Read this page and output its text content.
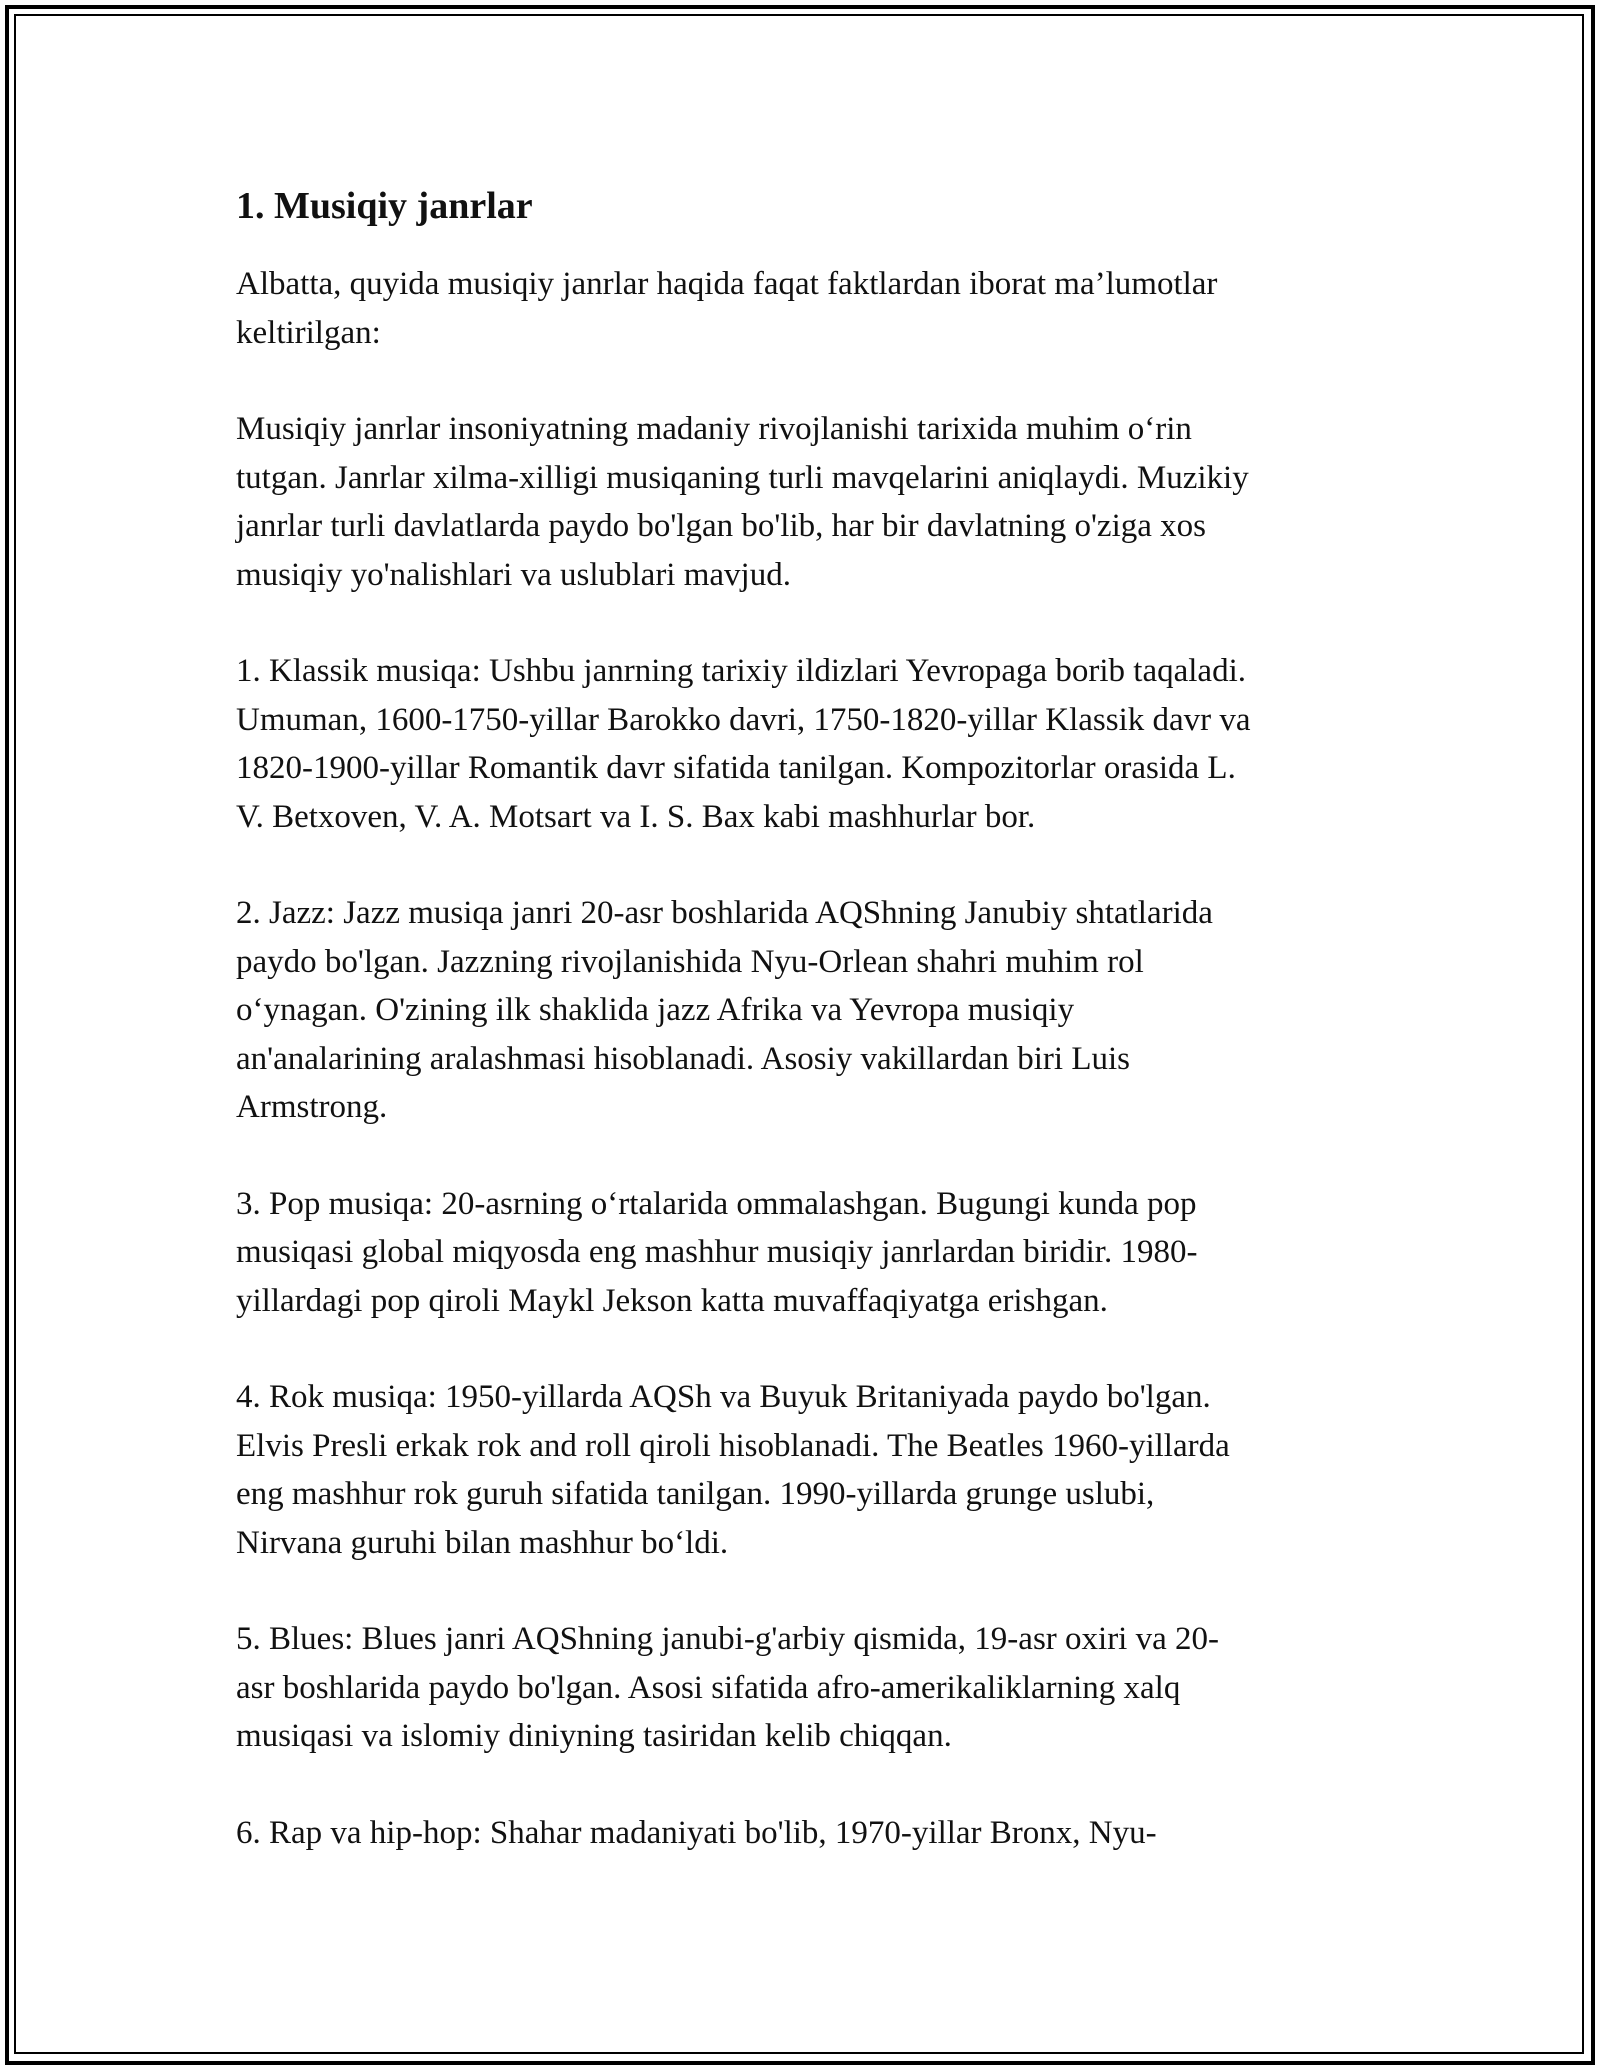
1. Musiqiy janrlar

Albatta, quyida musiqiy janrlar haqida faqat faktlardan iborat ma’lumotlar
keltirilgan:

Musiqiy janrlar insoniyatning madaniy rivojlanishi tarixida muhim o‘rin
tutgan. Janrlar xilma-xilligi musiqaning turli mavqelarini aniqlaydi. Muzikiy
janrlar turli davlatlarda paydo bo'lgan bo'lib, har bir davlatning o'ziga xos
musiqiy yo'nalishlari va uslublari mavjud.

1. Klassik musiqa: Ushbu janrning tarixiy ildizlari Yevropaga borib taqaladi.
Umuman, 1600-1750-yillar Barokko davri, 1750-1820-yillar Klassik davr va
1820-1900-yillar Romantik davr sifatida tanilgan. Kompozitorlar orasida L.
V. Betxoven, V. A. Motsart va I. S. Bax kabi mashhurlar bor.

2. Jazz: Jazz musiqa janri 20-asr boshlarida AQShning Janubiy shtatlarida
paydo bo'lgan. Jazzning rivojlanishida Nyu-Orlean shahri muhim rol
o‘ynagan. O'zining ilk shaklida jazz Afrika va Yevropa musiqiy
an'analarining aralashmasi hisoblanadi. Asosiy vakillardan biri Luis
Armstrong.

3. Pop musiqa: 20-asrning o‘rtalarida ommalashgan. Bugungi kunda pop
musiqasi global miqyosda eng mashhur musiqiy janrlardan biridir. 1980-
yillardagi pop qiroli Maykl Jekson katta muvaffaqiyatga erishgan.

4. Rok musiqa: 1950-yillarda AQSh va Buyuk Britaniyada paydo bo'lgan.
Elvis Presli erkak rok and roll qiroli hisoblanadi. The Beatles 1960-yillarda
eng mashhur rok guruh sifatida tanilgan. 1990-yillarda grunge uslubi,
Nirvana guruhi bilan mashhur bo‘ldi.

5. Blues: Blues janri AQShning janubi-g'arbiy qismida, 19-asr oxiri va 20-
asr boshlarida paydo bo'lgan. Asosi sifatida afro-amerikaliklarning xalq
musiqasi va islomiy diniyning tasiridan kelib chiqqan.

6. Rap va hip-hop: Shahar madaniyati bo'lib, 1970-yillar Bronx, Nyu-
